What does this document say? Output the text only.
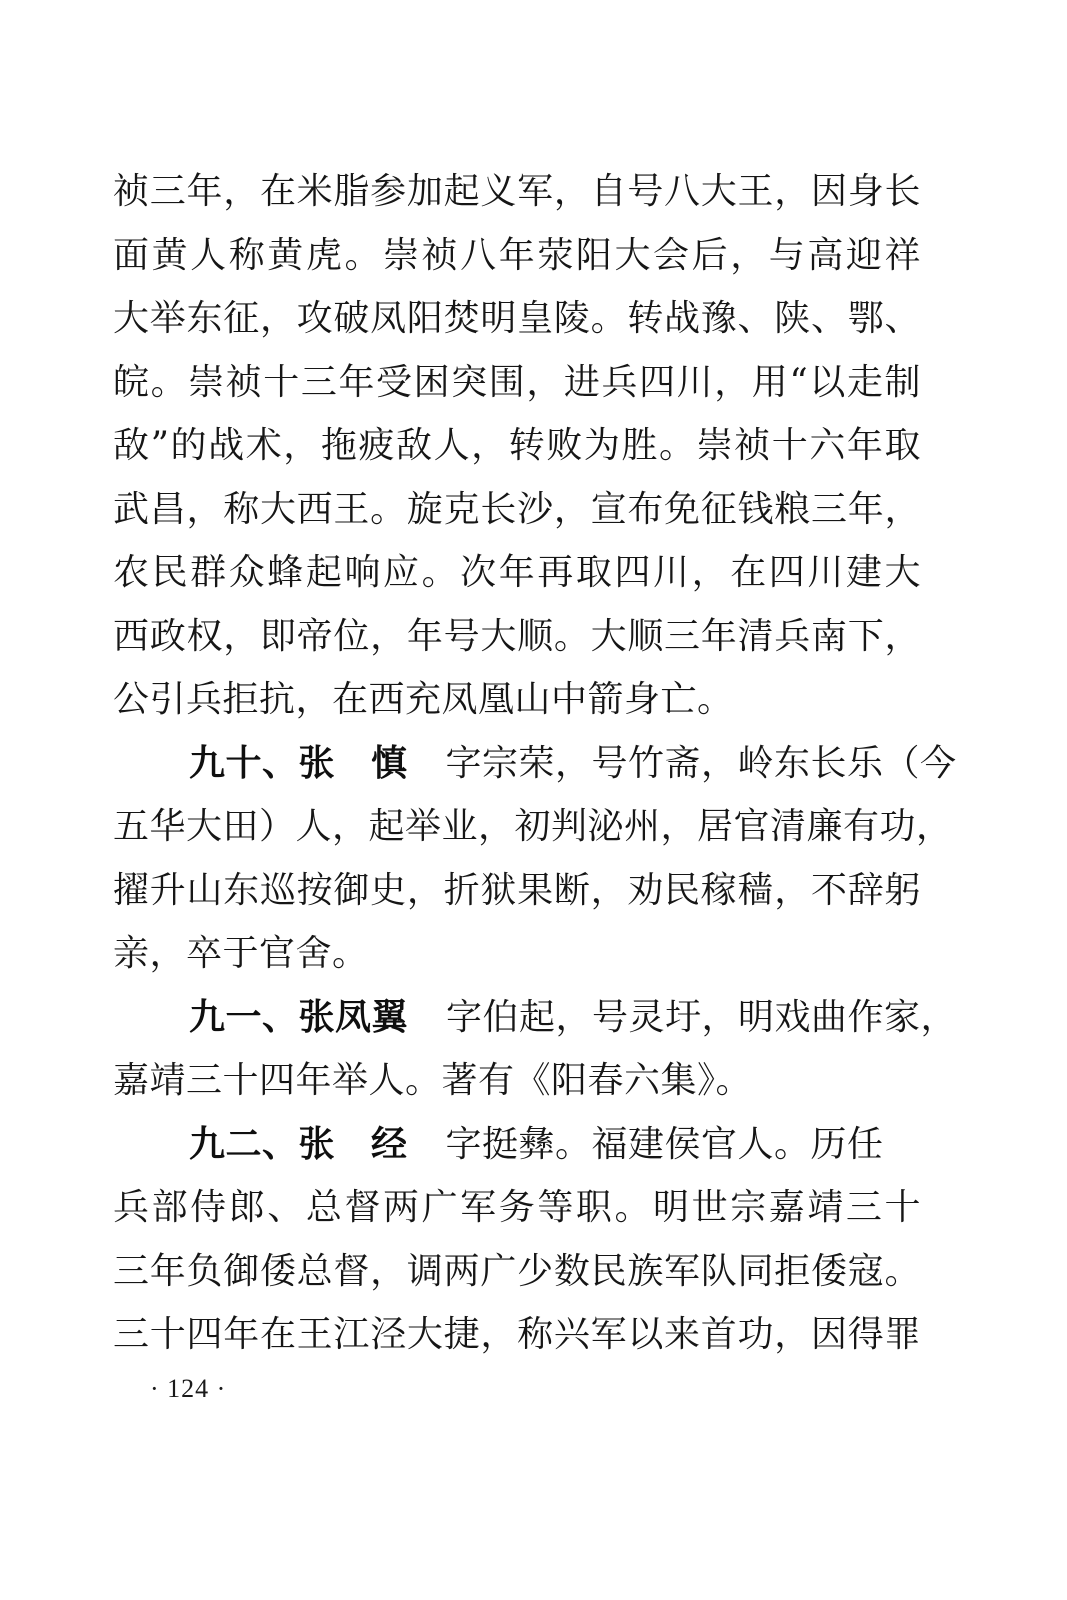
祯三年，在米脂参加起义军，自号八大王，因身长
面黄人称黄虎。崇祯八年荥阳大会后，与高迎祥
大举东征，攻破凤阳焚明皇陵。转战豫、陕、鄂、
皖。崇祯十三年受困突围，进兵四川，用“以走制
敌”的战术，拖疲敌人，转败为胜。崇祯十六年取
武昌，称大西王。旋克长沙，宣布免征钱粮三年，
农民群众蜂起响应。次年再取四川，在四川建大
西政权，即帝位，年号大顺。大顺三年清兵南下，
公引兵拒抗，在西充凤凰山中箭身亡。
九十、张 慎 字宗荣，号竹斋，岭东长乐（今
五华大田）人，起举业，初判泌州，居官清廉有功，
擢升山东巡按御史，折狱果断，劝民稼穑，不辞躬
亲，卒于官舍。
九一、张凤翼 字伯起，号灵圩，明戏曲作家，
嘉靖三十四年举人。著有《阳春六集》。
九二、张 经 字挺彝。福建侯官人。历任
兵部侍郎、总督两广军务等职。明世宗嘉靖三十
三年负御倭总督，调两广少数民族军队同拒倭寇。
三十四年在王江泾大捷，称兴军以来首功，因得罪
· 124 ·
